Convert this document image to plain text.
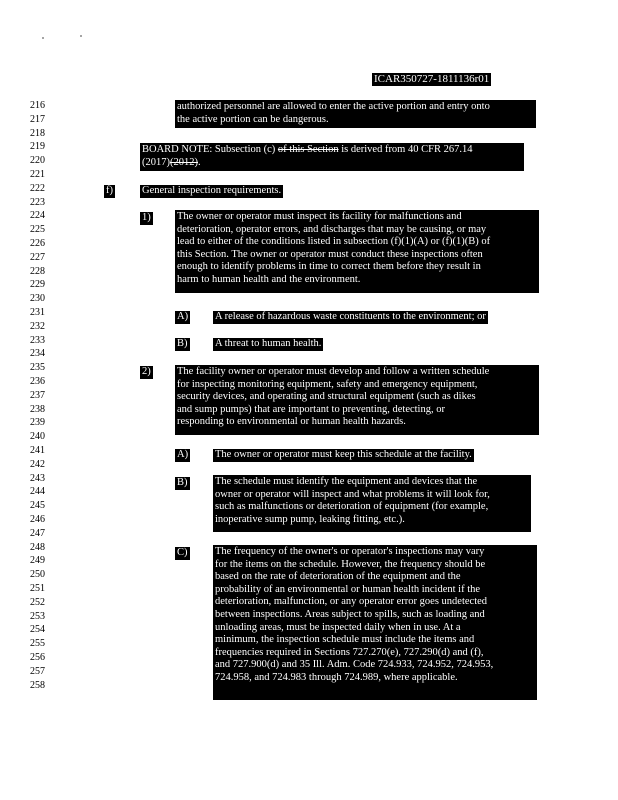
ICAR350727-1811136r01
216
217
218
219
220
221
222
223
224
225
226
227
228
229
230
231
232
233
234
235
236
237
238
239
240
241
242
243
244
245
246
247
248
249
250
251
252
253
254
255
256
257
258
authorized personnel are allowed to enter the active portion and entry onto
the active portion can be dangerous.
BOARD NOTE: Subsection (c) of this Section is derived from 40 CFR 267.14
(2017)(2012).
f)	General inspection requirements.
1)	The owner or operator must inspect its facility for malfunctions and
deterioration, operator errors, and discharges that may be causing, or may
lead to either of the conditions listed in subsection (f)(1)(A) or (f)(1)(B) of
this Section. The owner or operator must conduct these inspections often
enough to identify problems in time to correct them before they result in
harm to human health and the environment.
A)	A release of hazardous waste constituents to the environment; or
B)	A threat to human health.
2)	The facility owner or operator must develop and follow a written schedule
for inspecting monitoring equipment, safety and emergency equipment,
security devices, and operating and structural equipment (such as dikes
and sump pumps) that are important to preventing, detecting, or
responding to environmental or human health hazards.
A)	The owner or operator must keep this schedule at the facility.
B)	The schedule must identify the equipment and devices that the
owner or operator will inspect and what problems it will look for,
such as malfunctions or deterioration of equipment (for example,
inoperative sump pump, leaking fitting, etc.).
C)	The frequency of the owner's or operator's inspections may vary
for the items on the schedule. However, the frequency should be
based on the rate of deterioration of the equipment and the
probability of an environmental or human health incident if the
deterioration, malfunction, or any operator error goes undetected
between inspections. Areas subject to spills, such as loading and
unloading areas, must be inspected daily when in use. At a
minimum, the inspection schedule must include the items and
frequencies required in Sections 727.270(e), 727.290(d) and (f),
and 727.900(d) and 35 Ill. Adm. Code 724.933, 724.952, 724.953,
724.958, and 724.983 through 724.989, where applicable.
